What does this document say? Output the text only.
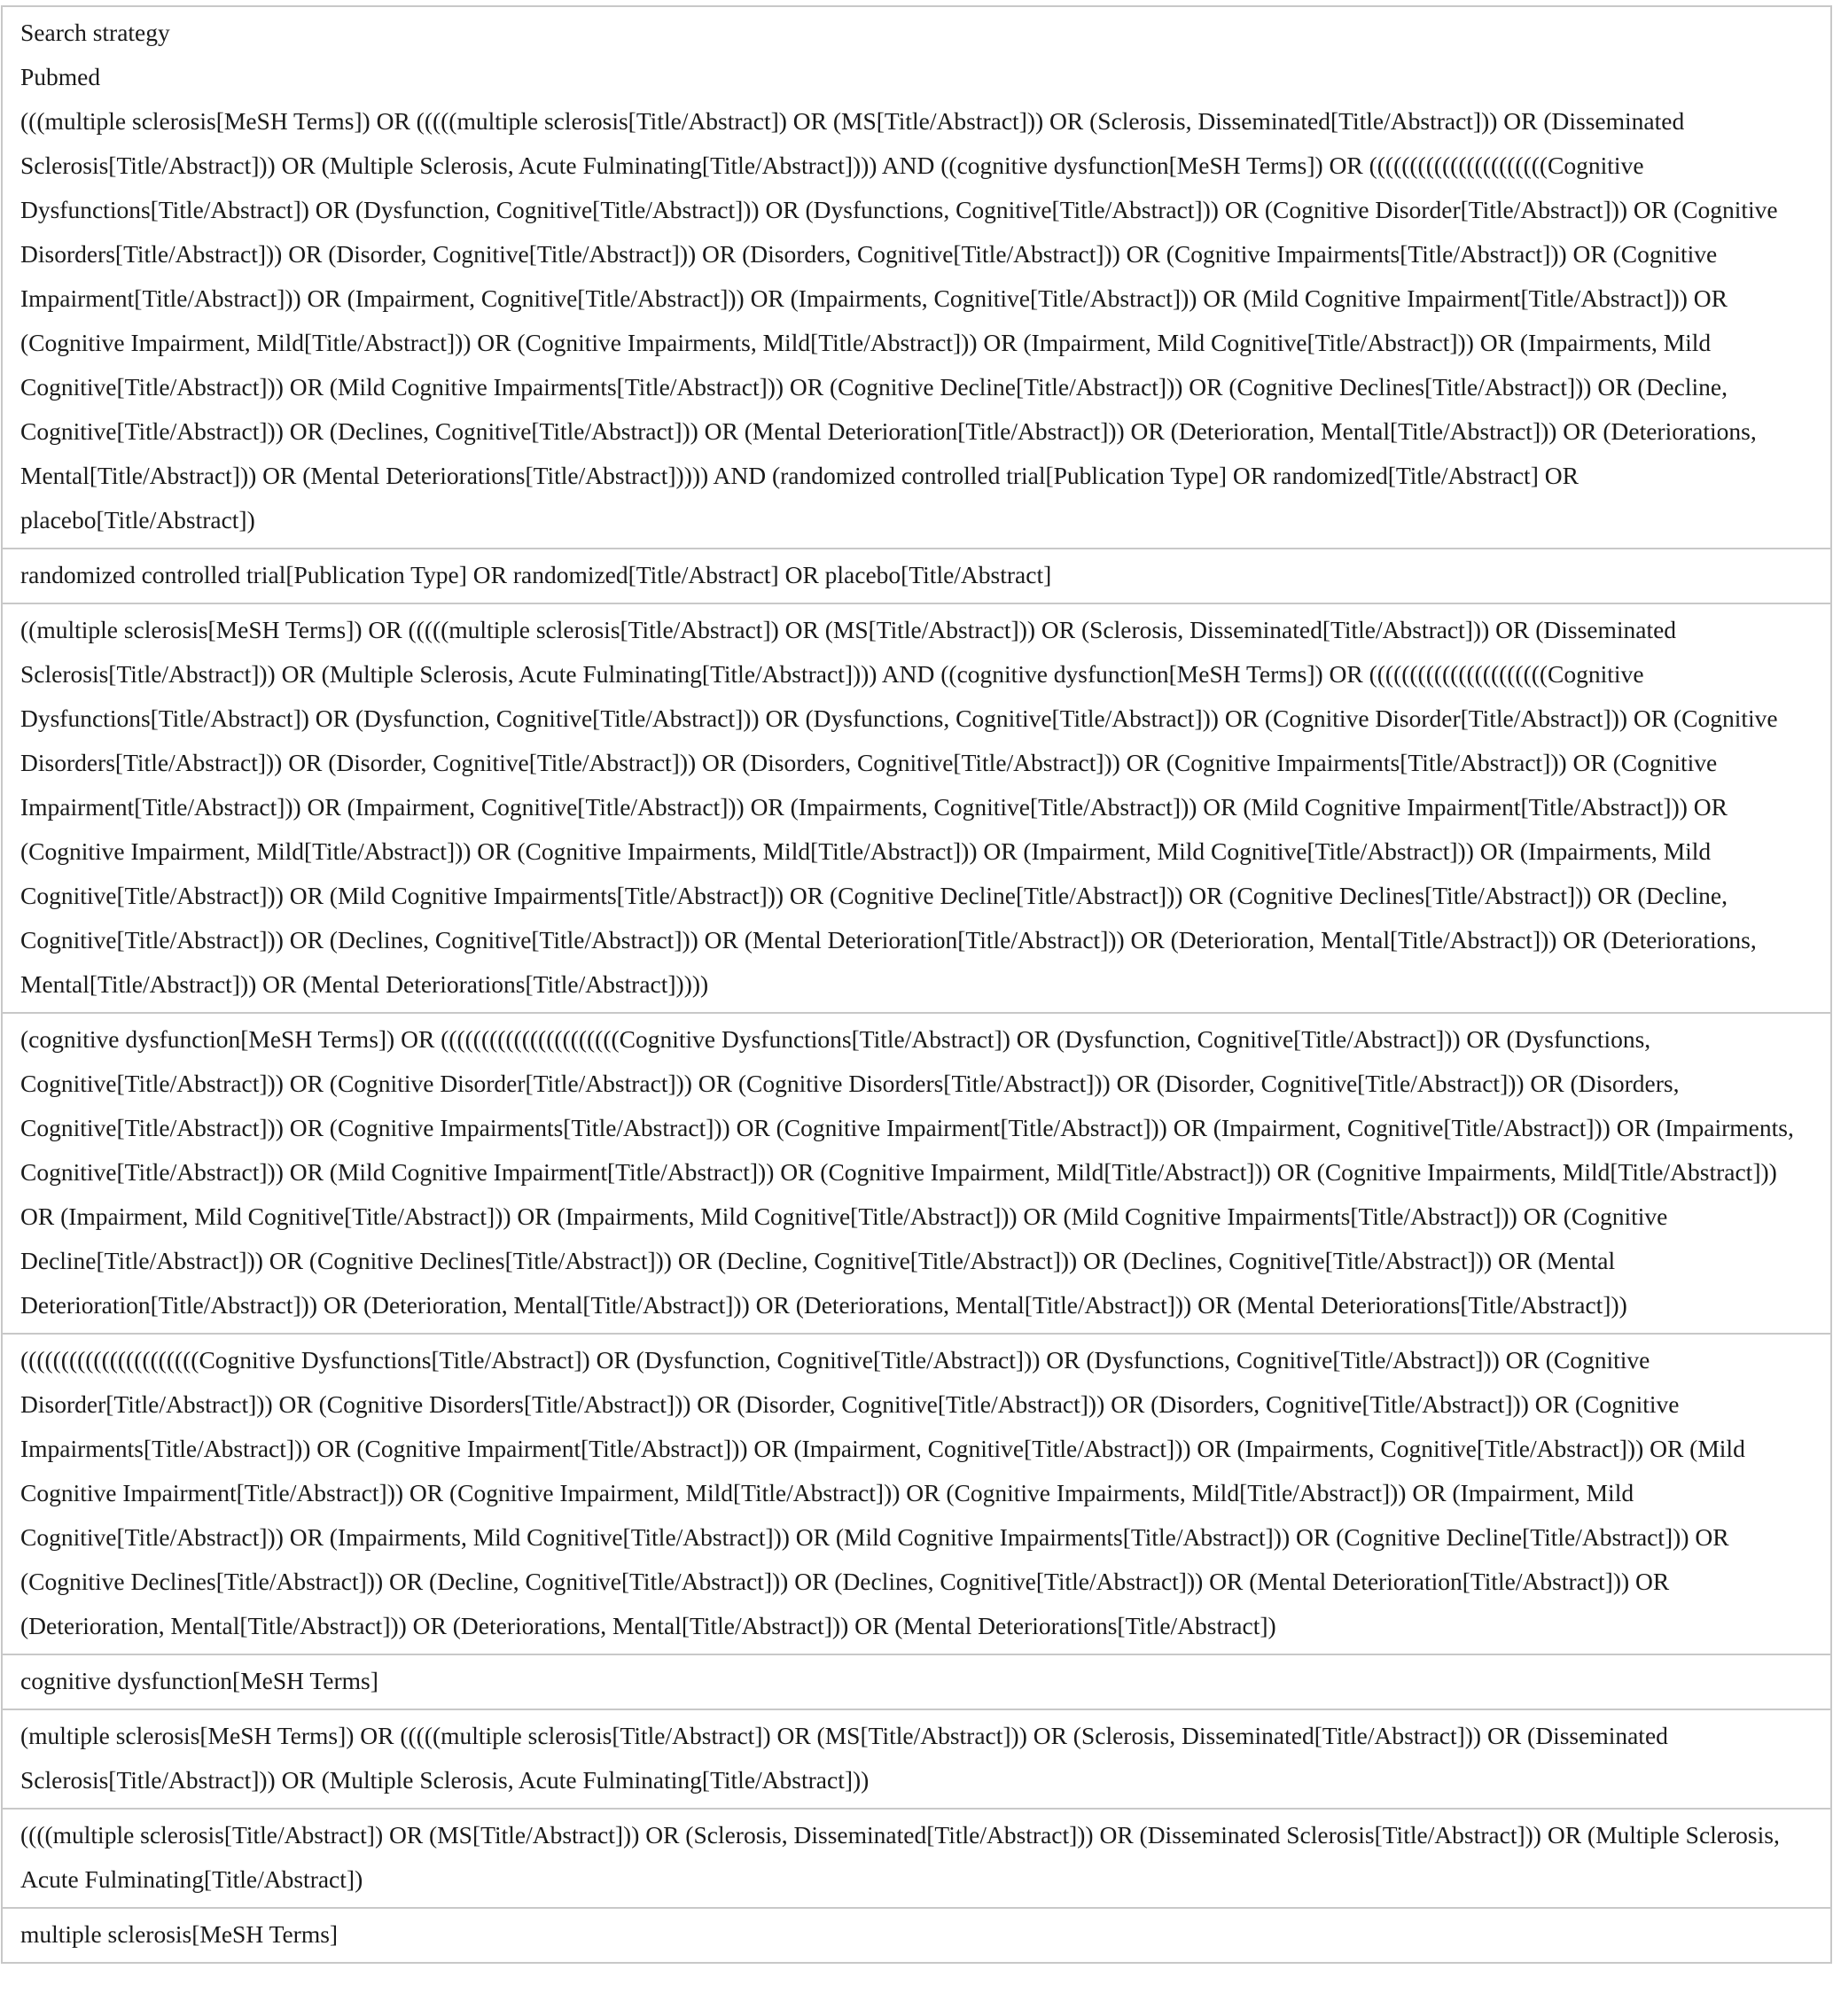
Search strategy
Pubmed
(((multiple sclerosis[MeSH Terms]) OR (((((multiple sclerosis[Title/Abstract]) OR (MS[Title/Abstract])) OR (Sclerosis, Disseminated[Title/Abstract])) OR (Disseminated Sclerosis[Title/Abstract])) OR (Multiple Sclerosis, Acute Fulminating[Title/Abstract]))) AND ((cognitive dysfunction[MeSH Terms]) OR ((((((((((((((((((((((Cognitive Dysfunctions[Title/Abstract]) OR (Dysfunction, Cognitive[Title/Abstract])) OR (Dysfunctions, Cognitive[Title/Abstract])) OR (Cognitive Disorder[Title/Abstract])) OR (Cognitive Disorders[Title/Abstract])) OR (Disorder, Cognitive[Title/Abstract])) OR (Disorders, Cognitive[Title/Abstract])) OR (Cognitive Impairments[Title/Abstract])) OR (Cognitive Impairment[Title/Abstract])) OR (Impairment, Cognitive[Title/Abstract])) OR (Impairments, Cognitive[Title/Abstract])) OR (Mild Cognitive Impairment[Title/Abstract])) OR (Cognitive Impairment, Mild[Title/Abstract])) OR (Cognitive Impairments, Mild[Title/Abstract])) OR (Impairment, Mild Cognitive[Title/Abstract])) OR (Impairments, Mild Cognitive[Title/Abstract])) OR (Mild Cognitive Impairments[Title/Abstract])) OR (Cognitive Decline[Title/Abstract])) OR (Cognitive Declines[Title/Abstract])) OR (Decline, Cognitive[Title/Abstract])) OR (Declines, Cognitive[Title/Abstract])) OR (Mental Deterioration[Title/Abstract])) OR (Deterioration, Mental[Title/Abstract])) OR (Deteriorations, Mental[Title/Abstract])) OR (Mental Deteriorations[Title/Abstract])))) AND (randomized controlled trial[Publication Type] OR randomized[Title/Abstract] OR placebo[Title/Abstract])

randomized controlled trial[Publication Type] OR randomized[Title/Abstract] OR placebo[Title/Abstract]
((multiple sclerosis[MeSH Terms]) OR (((((multiple sclerosis[Title/Abstract]) OR (MS[Title/Abstract])) OR (Sclerosis, Disseminated[Title/Abstract])) OR (Disseminated Sclerosis[Title/Abstract])) OR (Multiple Sclerosis, Acute Fulminating[Title/Abstract]))) AND ((cognitive dysfunction[MeSH Terms]) OR ((((((((((((((((((((((Cognitive Dysfunctions[Title/Abstract]) OR (Dysfunction, Cognitive[Title/Abstract])) OR (Dysfunctions, Cognitive[Title/Abstract])) OR (Cognitive Disorder[Title/Abstract])) OR (Cognitive Disorders[Title/Abstract])) OR (Disorder, Cognitive[Title/Abstract])) OR (Disorders, Cognitive[Title/Abstract])) OR (Cognitive Impairments[Title/Abstract])) OR (Cognitive Impairment[Title/Abstract])) OR (Impairment, Cognitive[Title/Abstract])) OR (Impairments, Cognitive[Title/Abstract])) OR (Mild Cognitive Impairment[Title/Abstract])) OR (Cognitive Impairment, Mild[Title/Abstract])) OR (Cognitive Impairments, Mild[Title/Abstract])) OR (Impairment, Mild Cognitive[Title/Abstract])) OR (Impairments, Mild Cognitive[Title/Abstract])) OR (Mild Cognitive Impairments[Title/Abstract])) OR (Cognitive Decline[Title/Abstract])) OR (Cognitive Declines[Title/Abstract])) OR (Decline, Cognitive[Title/Abstract])) OR (Declines, Cognitive[Title/Abstract])) OR (Mental Deterioration[Title/Abstract])) OR (Deterioration, Mental[Title/Abstract])) OR (Deteriorations, Mental[Title/Abstract])) OR (Mental Deteriorations[Title/Abstract]))))
(cognitive dysfunction[MeSH Terms]) OR ((((((((((((((((((((((Cognitive Dysfunctions[Title/Abstract]) OR (Dysfunction, Cognitive[Title/Abstract])) OR (Dysfunctions, Cognitive[Title/Abstract])) OR (Cognitive Disorder[Title/Abstract])) OR (Cognitive Disorders[Title/Abstract])) OR (Disorder, Cognitive[Title/Abstract])) OR (Disorders, Cognitive[Title/Abstract])) OR (Cognitive Impairments[Title/Abstract])) OR (Cognitive Impairment[Title/Abstract])) OR (Impairment, Cognitive[Title/Abstract])) OR (Impairments, Cognitive[Title/Abstract])) OR (Mild Cognitive Impairment[Title/Abstract])) OR (Cognitive Impairment, Mild[Title/Abstract])) OR (Cognitive Impairments, Mild[Title/Abstract])) OR (Impairment, Mild Cognitive[Title/Abstract])) OR (Impairments, Mild Cognitive[Title/Abstract])) OR (Mild Cognitive Impairments[Title/Abstract])) OR (Cognitive Decline[Title/Abstract])) OR (Cognitive Declines[Title/Abstract])) OR (Decline, Cognitive[Title/Abstract])) OR (Declines, Cognitive[Title/Abstract])) OR (Mental Deterioration[Title/Abstract])) OR (Deterioration, Mental[Title/Abstract])) OR (Deteriorations, Mental[Title/Abstract])) OR (Mental Deteriorations[Title/Abstract]))
((((((((((((((((((((((Cognitive Dysfunctions[Title/Abstract]) OR (Dysfunction, Cognitive[Title/Abstract])) OR (Dysfunctions, Cognitive[Title/Abstract])) OR (Cognitive Disorder[Title/Abstract])) OR (Cognitive Disorders[Title/Abstract])) OR (Disorder, Cognitive[Title/Abstract])) OR (Disorders, Cognitive[Title/Abstract])) OR (Cognitive Impairments[Title/Abstract])) OR (Cognitive Impairment[Title/Abstract])) OR (Impairment, Cognitive[Title/Abstract])) OR (Impairments, Cognitive[Title/Abstract])) OR (Mild Cognitive Impairment[Title/Abstract])) OR (Cognitive Impairment, Mild[Title/Abstract])) OR (Cognitive Impairments, Mild[Title/Abstract])) OR (Impairment, Mild Cognitive[Title/Abstract])) OR (Impairments, Mild Cognitive[Title/Abstract])) OR (Mild Cognitive Impairments[Title/Abstract])) OR (Cognitive Decline[Title/Abstract])) OR (Cognitive Declines[Title/Abstract])) OR (Decline, Cognitive[Title/Abstract])) OR (Declines, Cognitive[Title/Abstract])) OR (Mental Deterioration[Title/Abstract])) OR (Deterioration, Mental[Title/Abstract])) OR (Deteriorations, Mental[Title/Abstract])) OR (Mental Deteriorations[Title/Abstract])
cognitive dysfunction[MeSH Terms]
(multiple sclerosis[MeSH Terms]) OR (((((multiple sclerosis[Title/Abstract]) OR (MS[Title/Abstract])) OR (Sclerosis, Disseminated[Title/Abstract])) OR (Disseminated Sclerosis[Title/Abstract])) OR (Multiple Sclerosis, Acute Fulminating[Title/Abstract]))
((((multiple sclerosis[Title/Abstract]) OR (MS[Title/Abstract])) OR (Sclerosis, Disseminated[Title/Abstract])) OR (Disseminated Sclerosis[Title/Abstract])) OR (Multiple Sclerosis, Acute Fulminating[Title/Abstract])
multiple sclerosis[MeSH Terms]
